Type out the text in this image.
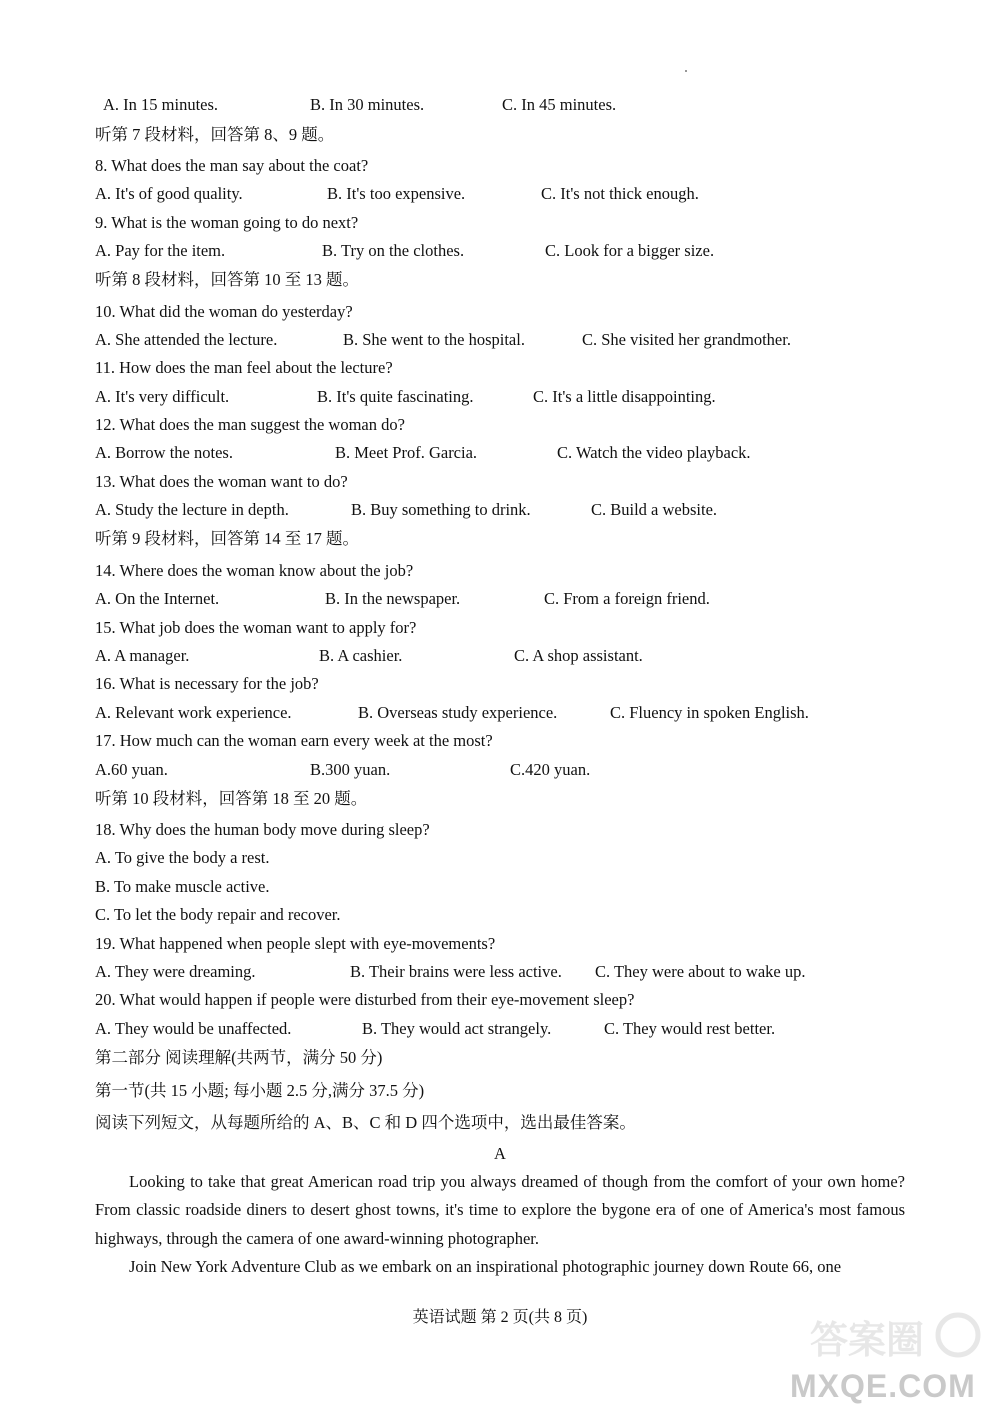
A. In 15 minutes.	B. In 30 minutes.	C. In 45 minutes.
听第 7 段材料，回答第 8、9 题。
8. What does the man say about the coat?
A. It's of good quality.	B. It's too expensive.	C. It's not thick enough.
9. What is the woman going to do next?
A. Pay for the item.	B. Try on the clothes.	C. Look for a bigger size.
听第 8 段材料，回答第 10 至 13 题。
10. What did the woman do yesterday?
A. She attended the lecture.	B. She went to the hospital.	C. She visited her grandmother.
11. How does the man feel about the lecture?
A. It's very difficult.	B. It's quite fascinating.	C. It's a little disappointing.
12. What does the man suggest the woman do?
A. Borrow the notes.	B. Meet Prof. Garcia.	C. Watch the video playback.
13. What does the woman want to do?
A. Study the lecture in depth.	B. Buy something to drink.	C. Build a website.
听第 9 段材料，回答第 14 至 17 题。
14. Where does the woman know about the job?
A. On the Internet.	B. In the newspaper.	C. From a foreign friend.
15. What job does the woman want to apply for?
A. A manager.	B. A cashier.	C. A shop assistant.
16. What is necessary for the job?
A. Relevant work experience.	B. Overseas study experience.	C. Fluency in spoken English.
17. How much can the woman earn every week at the most?
A.60 yuan.	B.300 yuan.	C.420 yuan.
听第 10 段材料，回答第 18 至 20 题。
18. Why does the human body move during sleep?
A. To give the body a rest.
B. To make muscle active.
C. To let the body repair and recover.
19. What happened when people slept with eye-movements?
A. They were dreaming.	B. Their brains were less active. C. They were about to wake up.
20. What would happen if people were disturbed from their eye-movement sleep?
A. They would be unaffected.	B. They would act strangely.	C. They would rest better.
第二部分 阅读理解(共两节，满分 50 分)
第一节(共 15 小题; 每小题 2.5 分,满分 37.5 分)
阅读下列短文，从每题所给的 A、B、C 和 D 四个选项中，选出最佳答案。
A
Looking to take that great American road trip you always dreamed of though from the comfort of your own home? From classic roadside diners to desert ghost towns, it's time to explore the bygone era of one of America's most famous highways, through the camera of one award-winning photographer.
Join New York Adventure Club as we embark on an inspirational photographic journey down Route 66, one
英语试题 第 2 页(共 8 页)
答案圈
MXQE.COM
